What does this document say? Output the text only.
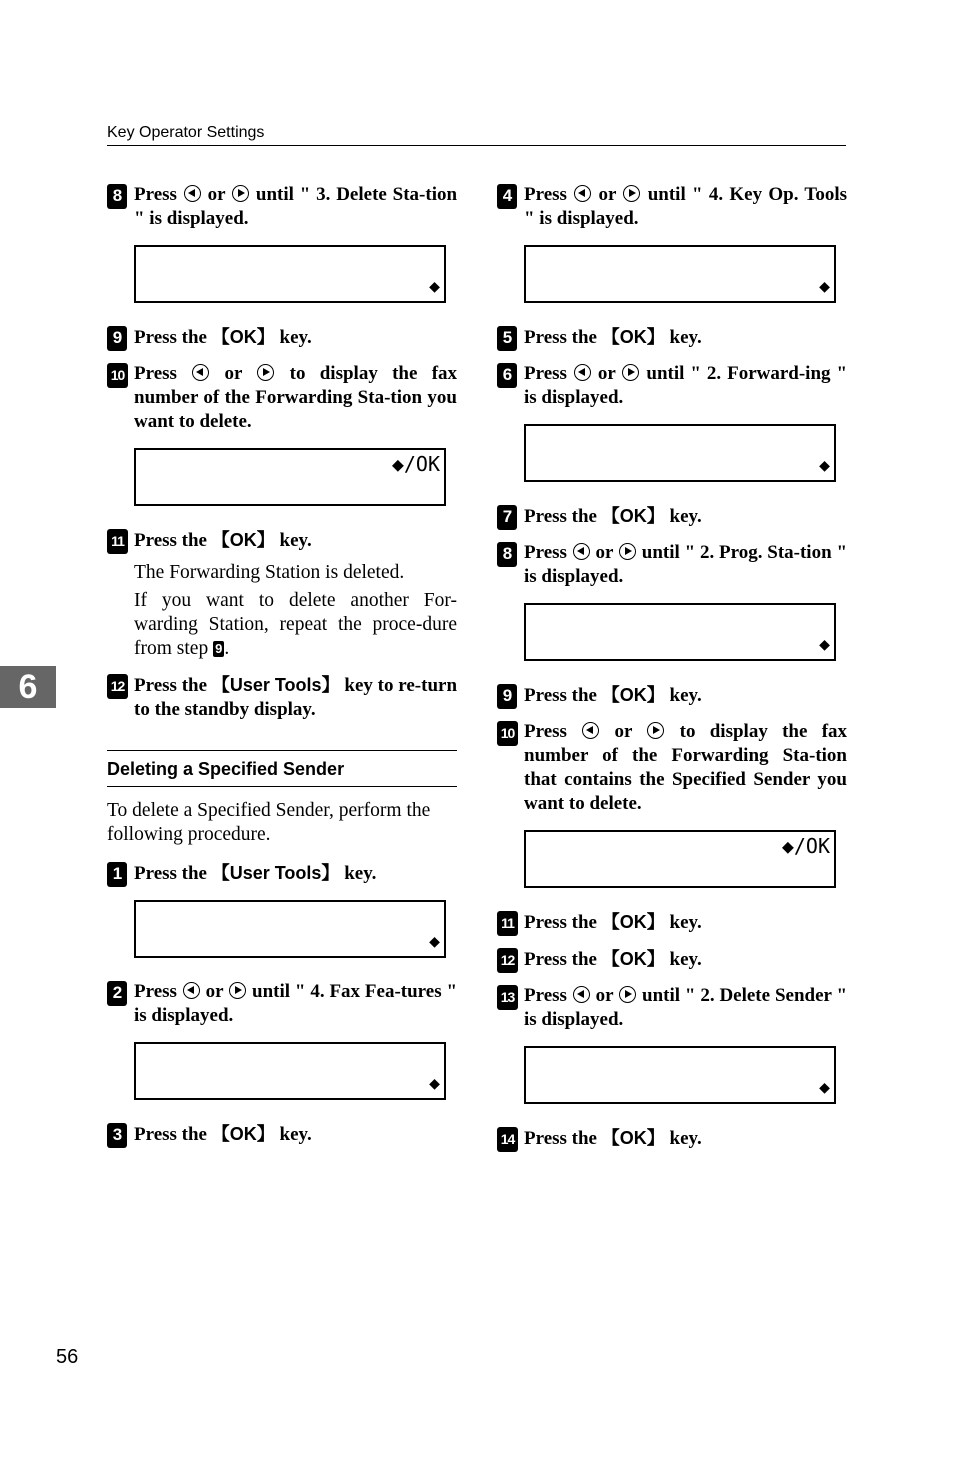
Key Operator Settings
6
8 Press or until " 3. Delete Sta-tion " is displayed.

◆

9 Press the 【OK】 key.
10 Press	or	to display the fax number of the Forwarding Sta-tion you want to delete.

◆/OK

11 Press the 【OK】 key.
The Forwarding Station is deleted.
If you want to delete another For-warding Station, repeat the proce-dure from step 9 .
12 Press the 【User Tools】 key to re-turn to the standby display.
Deleting a Specified Sender
To delete a Specified Sender, perform the following procedure.
1 Press the 【User Tools】 key.

◆

2 Press or until " 4. Fax Fea-tures " is displayed.

◆

3 Press the 【OK】 key.
4 Press or until " 4. Key Op. Tools " is displayed.

◆

5 Press the 【OK】 key.
6 Press or until " 2. Forward-ing " is displayed.

◆

7 Press the 【OK】 key.
8 Press or until " 2. Prog. Sta-tion " is displayed.

◆

9 Press the 【OK】 key.
10 Press	or	to display the fax number of the Forwarding Sta-tion that contains the Specified Sender you want to delete.

◆/OK

11 Press the 【OK】 key.
12 Press the 【OK】 key.
13 Press or until " 2. Delete Sender " is displayed.

◆

14 Press the 【OK】 key.
56
